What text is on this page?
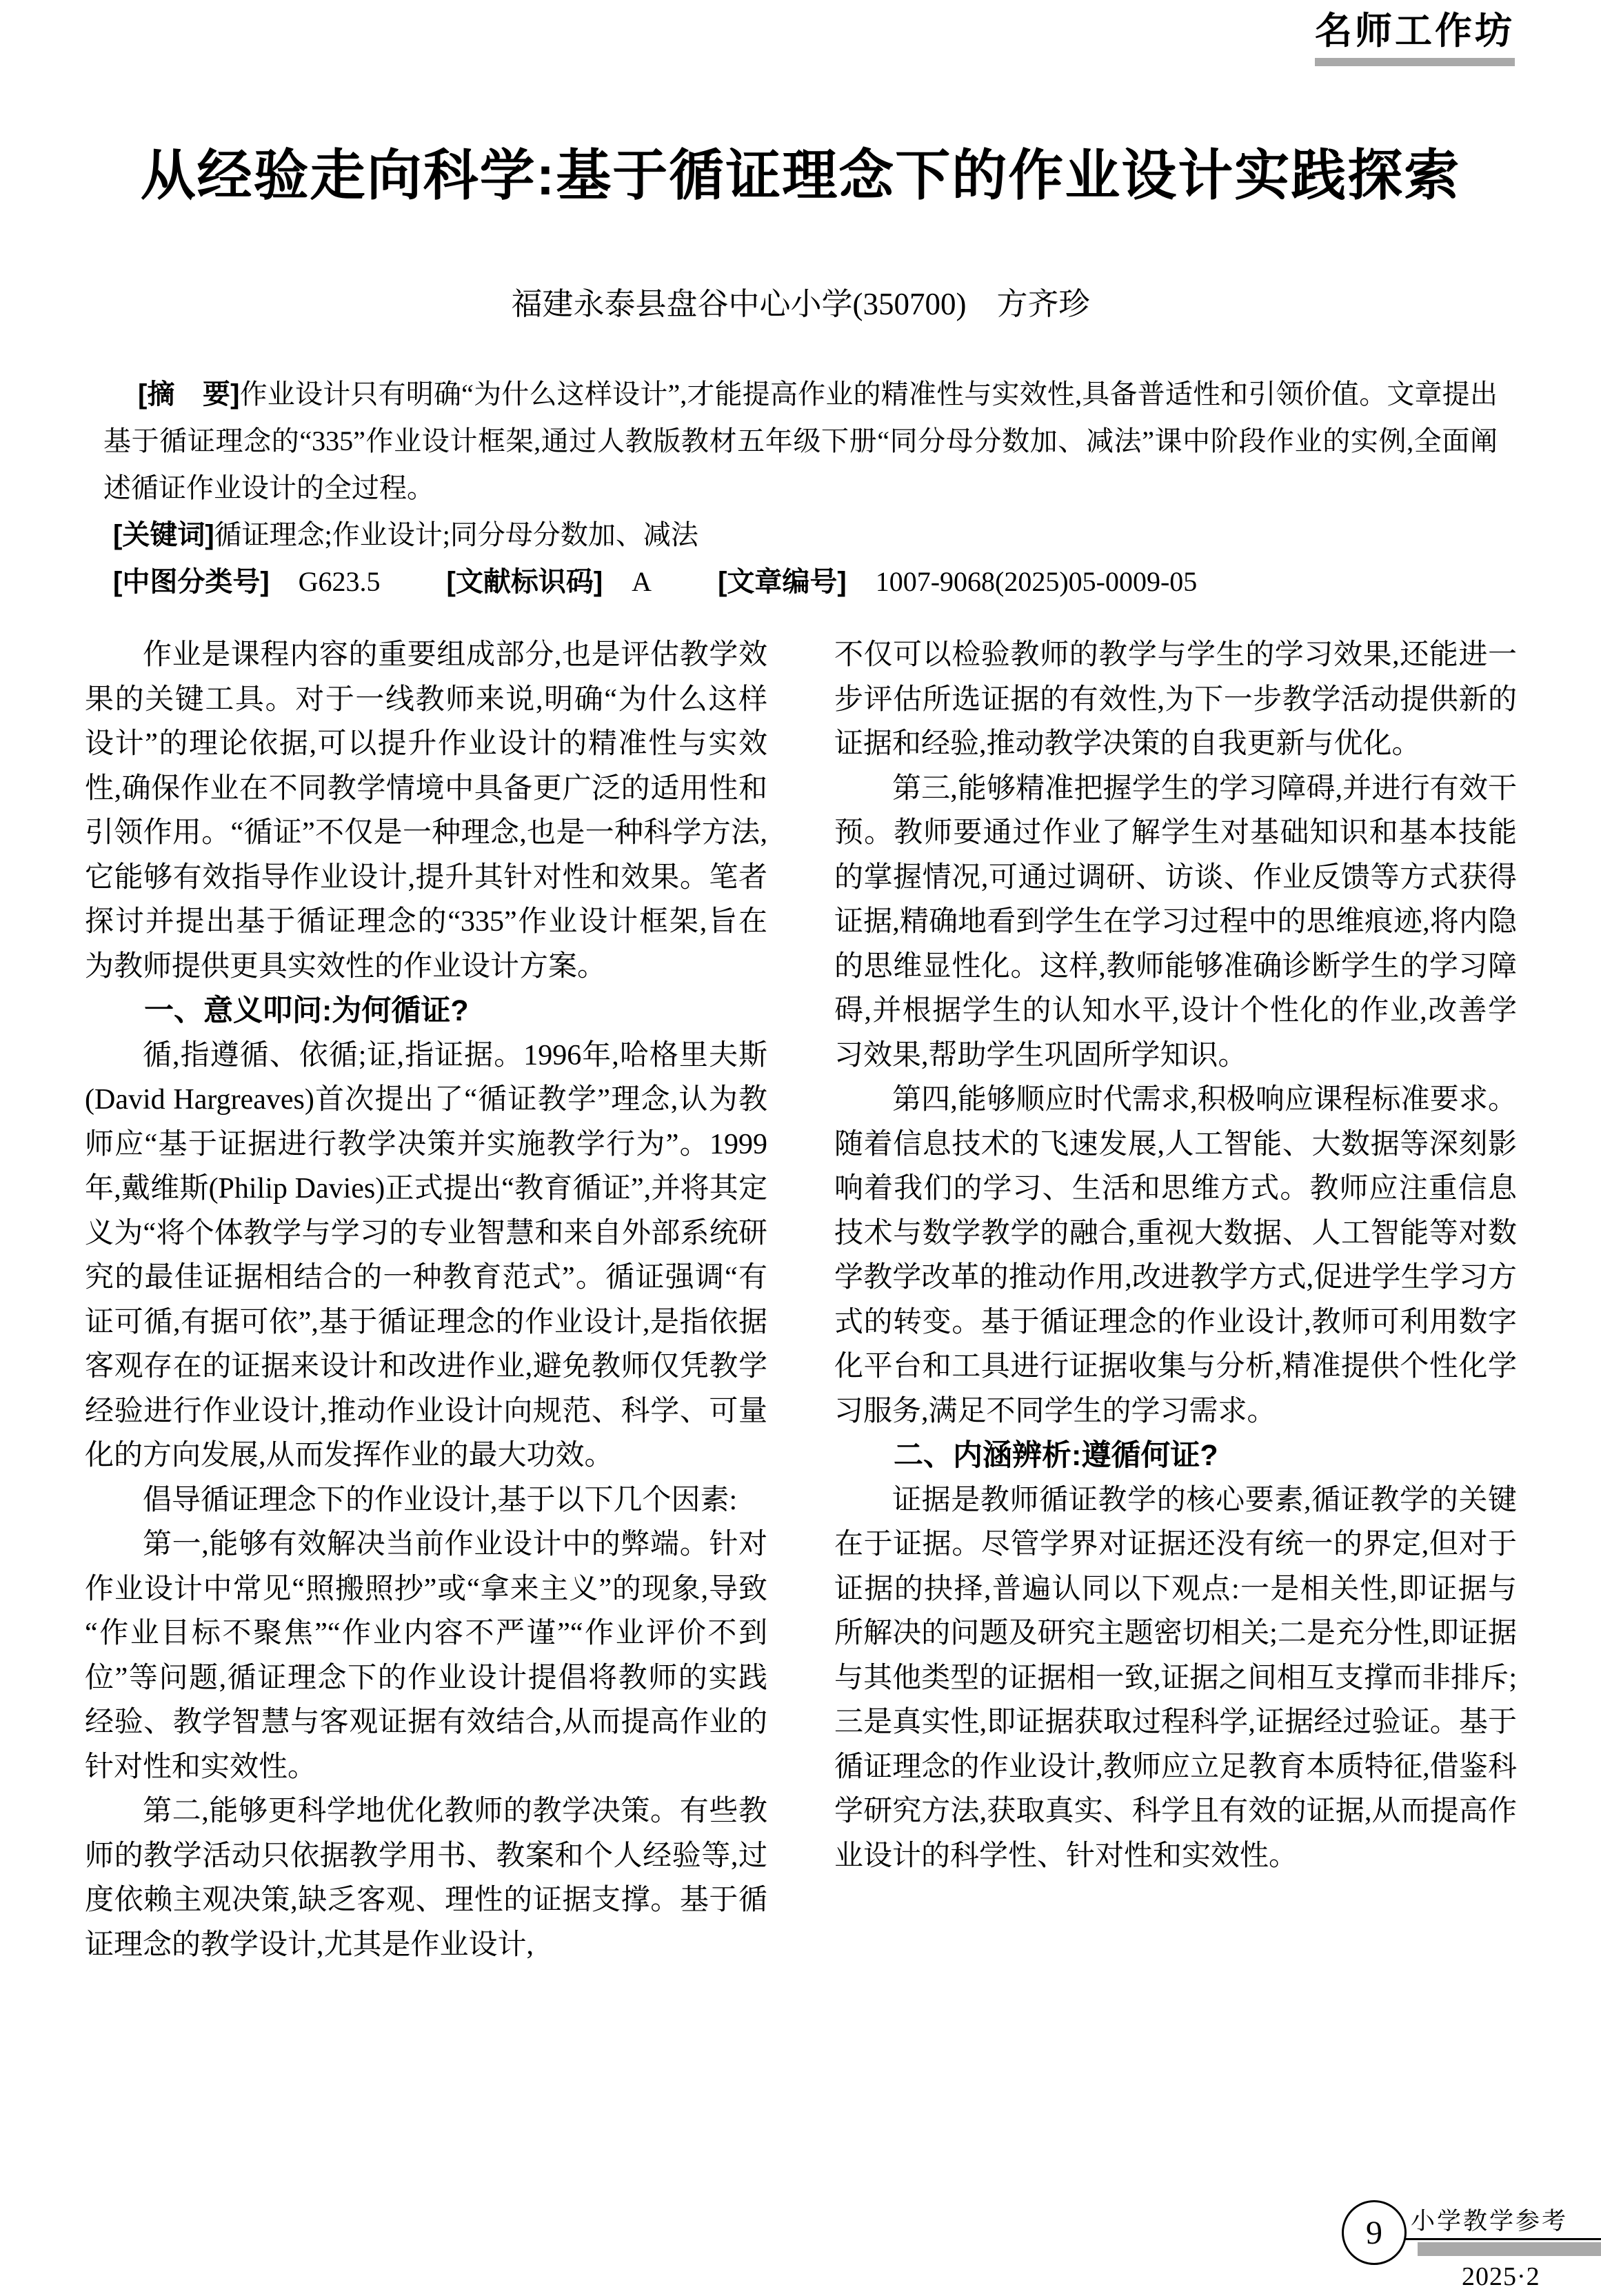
名师工作坊
从经验走向科学:基于循证理念下的作业设计实践探索
福建永泰县盘谷中心小学(350700) 方齐珍

[摘　要]作业设计只有明确“为什么这样设计”,才能提高作业的精准性与实效性,具备普适性和引领价值。文章提出基于循证理念的“335”作业设计框架,通过人教版教材五年级下册“同分母分数加、减法”课中阶段作业的实例,全面阐述循证作业设计的全过程。

[关键词]循证理念;作业设计;同分母分数加、减法

[中图分类号] G623.5 [文献标识码] A [文章编号] 1007-9068(2025)05-0009-05

作业是课程内容的重要组成部分,也是评估教学效果的关键工具。对于一线教师来说,明确“为什么这样设计”的理论依据,可以提升作业设计的精准性与实效性,确保作业在不同教学情境中具备更广泛的适用性和引领作用。“循证”不仅是一种理念,也是一种科学方法,它能够有效指导作业设计,提升其针对性和效果。笔者探讨并提出基于循证理念的“335”作业设计框架,旨在为教师提供更具实效性的作业设计方案。

一、意义叩问:为何循证?

循,指遵循、依循;证,指证据。1996年,哈格里夫斯(David Hargreaves)首次提出了“循证教学”理念,认为教师应“基于证据进行教学决策并实施教学行为”。1999年,戴维斯(Philip Davies)正式提出“教育循证”,并将其定义为“将个体教学与学习的专业智慧和来自外部系统研究的最佳证据相结合的一种教育范式”。循证强调“有证可循,有据可依”,基于循证理念的作业设计,是指依据客观存在的证据来设计和改进作业,避免教师仅凭教学经验进行作业设计,推动作业设计向规范、科学、可量化的方向发展,从而发挥作业的最大功效。

倡导循证理念下的作业设计,基于以下几个因素:

第一,能够有效解决当前作业设计中的弊端。针对作业设计中常见“照搬照抄”或“拿来主义”的现象,导致“作业目标不聚焦”“作业内容不严谨”“作业评价不到位”等问题,循证理念下的作业设计提倡将教师的实践经验、教学智慧与客观证据有效结合,从而提高作业的针对性和实效性。

第二,能够更科学地优化教师的教学决策。有些教师的教学活动只依据教学用书、教案和个人经验等,过度依赖主观决策,缺乏客观、理性的证据支撑。基于循证理念的教学设计,尤其是作业设计,

不仅可以检验教师的教学与学生的学习效果,还能进一步评估所选证据的有效性,为下一步教学活动提供新的证据和经验,推动教学决策的自我更新与优化。

第三,能够精准把握学生的学习障碍,并进行有效干预。教师要通过作业了解学生对基础知识和基本技能的掌握情况,可通过调研、访谈、作业反馈等方式获得证据,精确地看到学生在学习过程中的思维痕迹,将内隐的思维显性化。这样,教师能够准确诊断学生的学习障碍,并根据学生的认知水平,设计个性化的作业,改善学习效果,帮助学生巩固所学知识。

第四,能够顺应时代需求,积极响应课程标准要求。随着信息技术的飞速发展,人工智能、大数据等深刻影响着我们的学习、生活和思维方式。教师应注重信息技术与数学教学的融合,重视大数据、人工智能等对数学教学改革的推动作用,改进教学方式,促进学生学习方式的转变。基于循证理念的作业设计,教师可利用数字化平台和工具进行证据收集与分析,精准提供个性化学习服务,满足不同学生的学习需求。

二、内涵辨析:遵循何证?

证据是教师循证教学的核心要素,循证教学的关键在于证据。尽管学界对证据还没有统一的界定,但对于证据的抉择,普遍认同以下观点:一是相关性,即证据与所解决的问题及研究主题密切相关;二是充分性,即证据与其他类型的证据相一致,证据之间相互支撑而非排斥;三是真实性,即证据获取过程科学,证据经过验证。基于循证理念的作业设计,教师应立足教育本质特征,借鉴科学研究方法,获取真实、科学且有效的证据,从而提高作业设计的科学性、针对性和实效性。

9 小学教学参考
2025·2
